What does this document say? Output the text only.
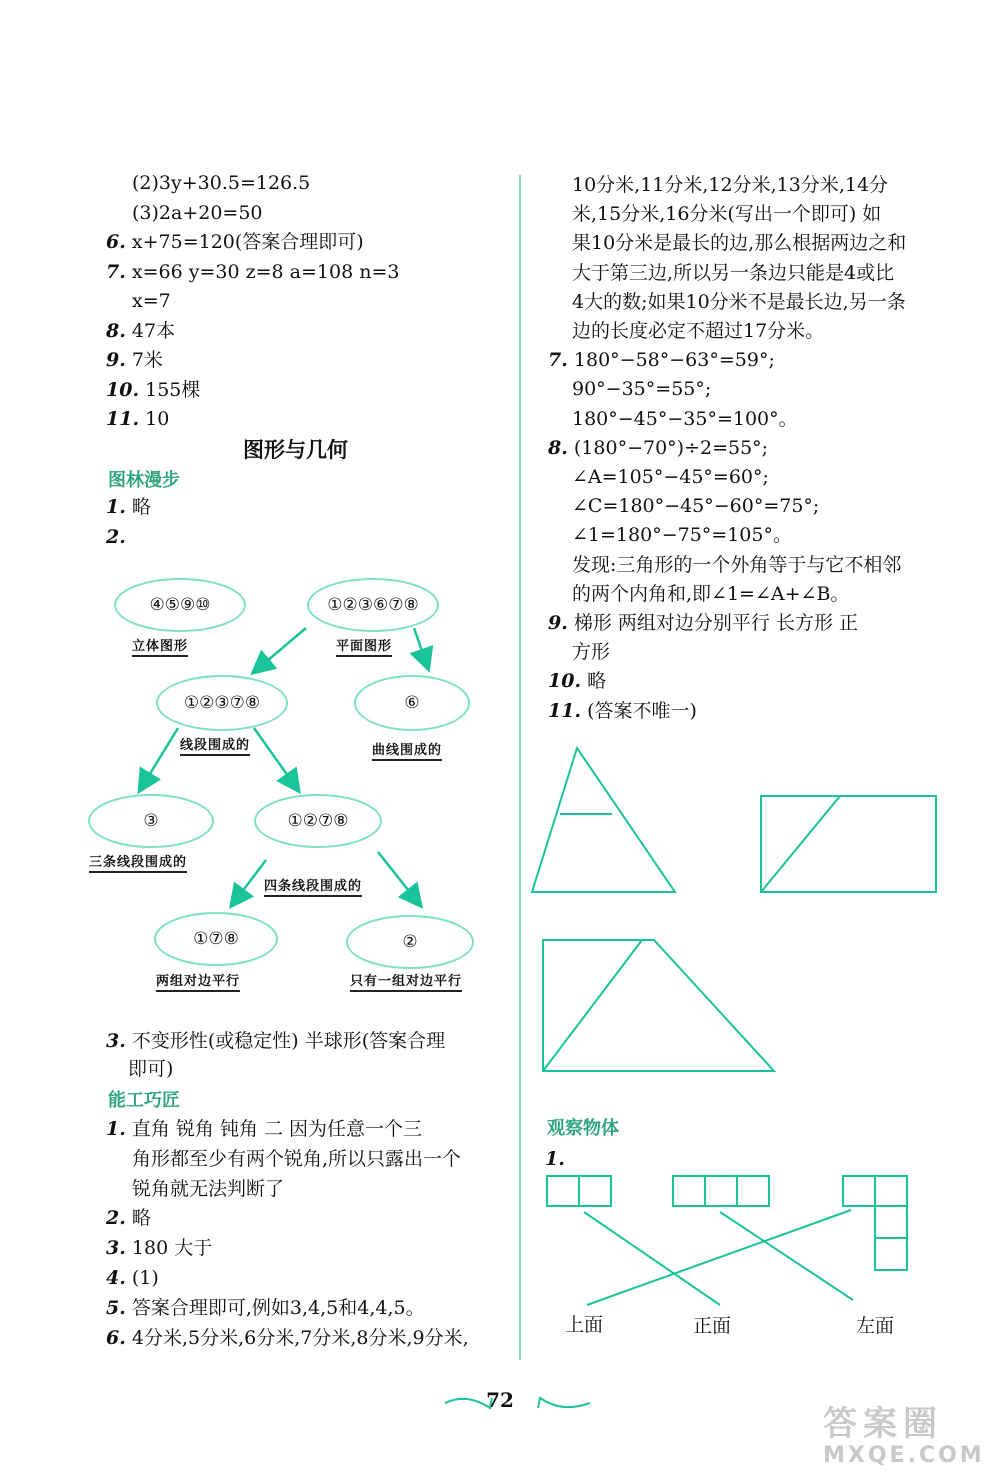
(2)3y+30.5=126.5
(3)2a+20=50
6. x+75=120(答案合理即可)
7. x=66 y=30 z=8 a=108 n=3
x=7
8. 47本
9. 7米
10. 155棵
11. 10
图形与几何
图林漫步
1. 略
2.
④⑤⑨⑩	①②③⑥⑦⑧
立体图形	平面图形
①②③⑦⑧	⑥
线段围成的	曲线围成的
③	①②⑦⑧
三条线段围成的
四条线段围成的
①⑦⑧	②
两组对边平行	只有一组对边平行
3. 不变形性(或稳定性) 半球形(答案合理
即可)
能工巧匠
1. 直角 锐角 钝角 二 因为任意一个三
角形都至少有两个锐角,所以只露出一个
锐角就无法判断了
2. 略
3. 180 大于
4. (1)
5. 答案合理即可,例如3,4,5和4,4,5。
6. 4分米,5分米,6分米,7分米,8分米,9分米,
10分米,11分米,12分米,13分米,14分
米,15分米,16分米(写出一个即可) 如
果10分米是最长的边,那么根据两边之和
大于第三边,所以另一条边只能是4或比
4大的数;如果10分米不是最长边,另一条
边的长度必定不超过17分米。
7. 180°−58°−63°=59°;
90°−35°=55°;
180°−45°−35°=100°。
8. (180°−70°)÷2=55°;
∠A=105°−45°=60°;
∠C=180°−45°−60°=75°;
∠1=180°−75°=105°。
发现:三角形的一个外角等于与它不相邻
的两个内角和,即∠1=∠A+∠B。
9. 梯形 两组对边分别平行 长方形 正
方形
10. 略
11. (答案不唯一)
观察物体
1.
上面	正面	左面
72
答案圈
MXQE.COM
